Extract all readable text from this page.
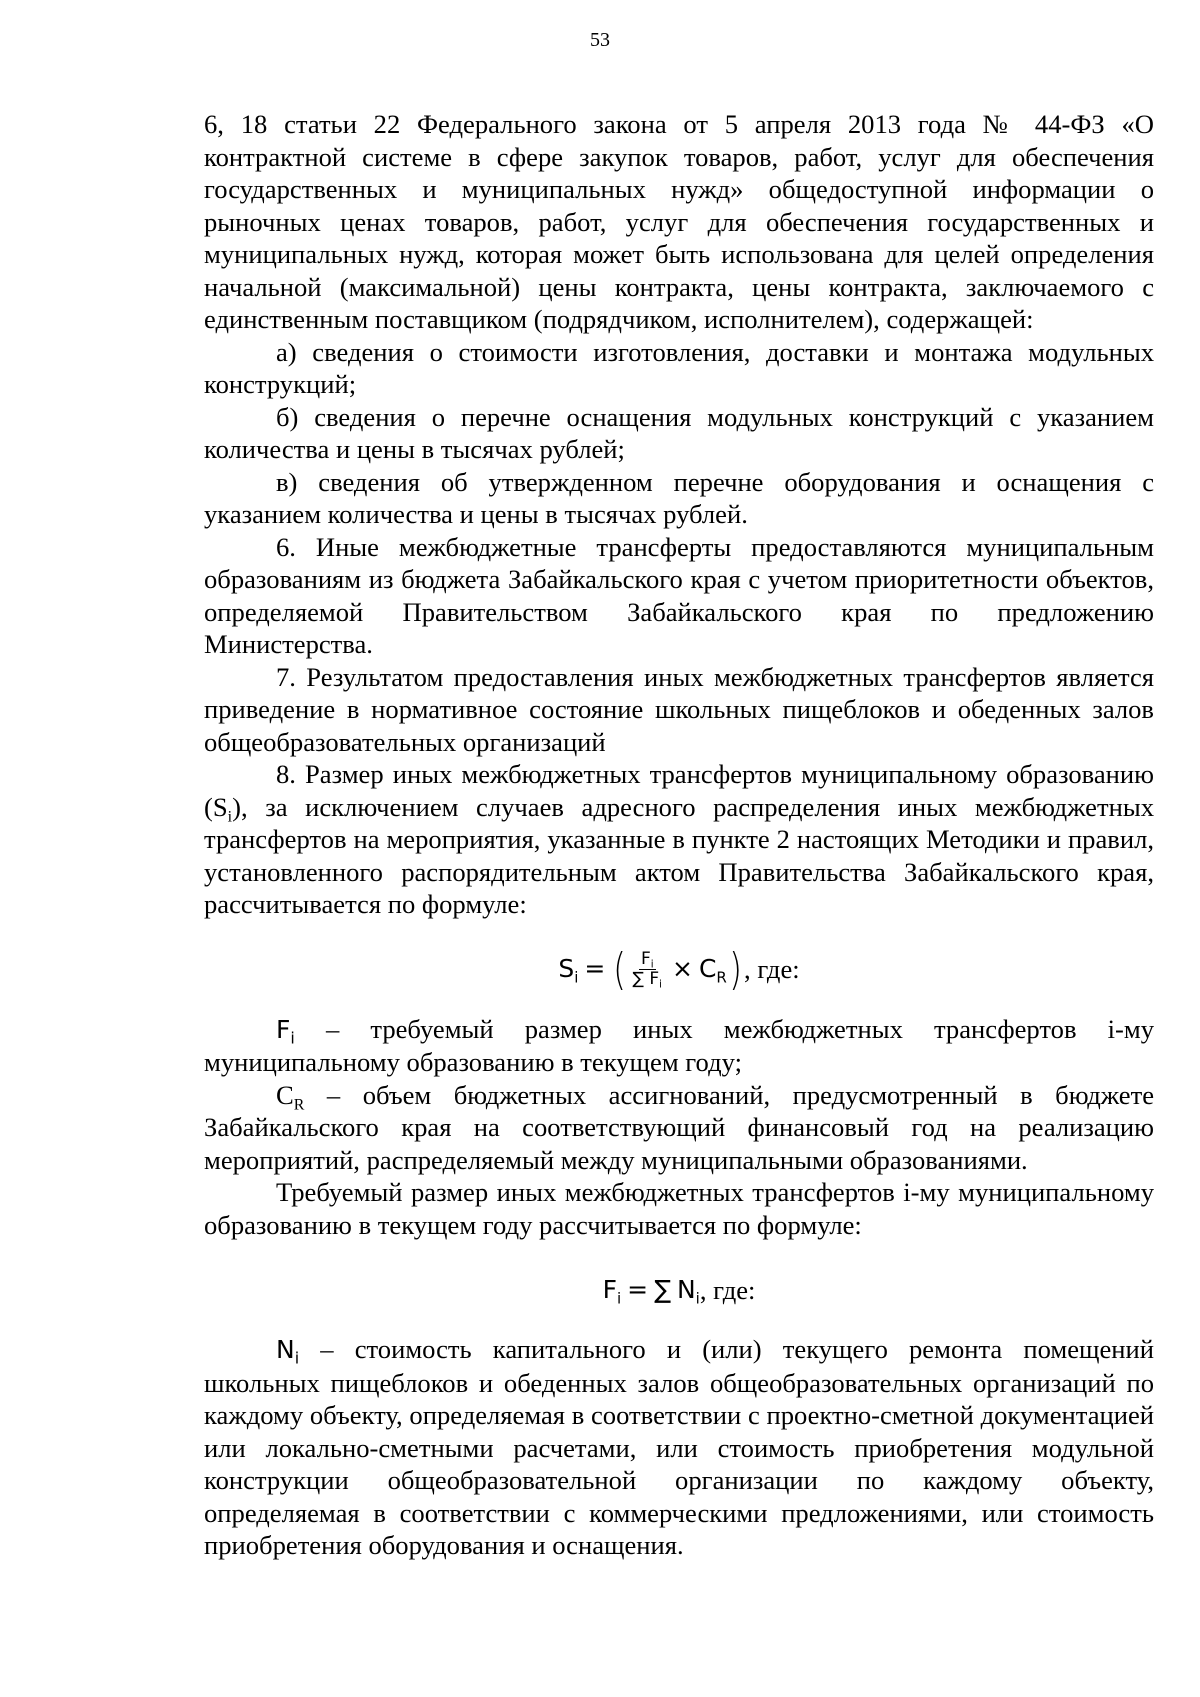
53

6, 18 статьи 22 Федерального закона от 5 апреля 2013 года № 44-ФЗ «О контрактной системе в сфере закупок товаров, работ, услуг для обеспечения государственных и муниципальных нужд» общедоступной информации о рыночных ценах товаров, работ, услуг для обеспечения государственных и муниципальных нужд, которая может быть использована для целей определения начальной (максимальной) цены контракта, цены контракта, заключаемого с единственным поставщиком (подрядчиком, исполнителем), содержащей:

а) сведения о стоимости изготовления, доставки и монтажа модульных конструкций;

б) сведения о перечне оснащения модульных конструкций с указанием количества и цены в тысячах рублей;

в) сведения об утвержденном перечне оборудования и оснащения с указанием количества и цены в тысячах рублей.

6. Иные межбюджетные трансферты предоставляются муниципальным образованиям из бюджета Забайкальского края с учетом приоритетности объектов, определяемой Правительством Забайкальского края по предложению Министерства.

7. Результатом предоставления иных межбюджетных трансфертов является приведение в нормативное состояние школьных пищеблоков и обеденных залов общеобразовательных организаций

8. Размер иных межбюджетных трансфертов муниципальному образованию $(S_i)$, за исключением случаев адресного распределения иных межбюджетных трансфертов на мероприятия, указанные в пункте 2 настоящих Методики и правил, установленного распорядительным актом Правительства Забайкальского края, рассчитывается по формуле:

$S_i$ = ( $\frac{F_i}{\sum F_i} \times C_R$ ) , где:

$F_i$ – требуемый размер иных межбюджетных трансфертов i-му муниципальному образованию в текущем году;

$C_R$ – объем бюджетных ассигнований, предусмотренный в бюджете Забайкальского края на соответствующий финансовый год на реализацию мероприятий, распределяемый между муниципальными образованиями.

Требуемый размер иных межбюджетных трансфертов i-му муниципальному образованию в текущем году рассчитывается по формуле:

$F_i$ = ∑ $N_i$ , где:

$N_i$ – стоимость капитального и (или) текущего ремонта помещений школьных пищеблоков и обеденных залов общеобразовательных организаций по каждому объекту, определяемая в соответствии с проектно-сметной документацией или локально-сметными расчетами, или стоимость приобретения модульной конструкции общеобразовательной организации по каждому объекту, определяемая в соответствии с коммерческими предложениями, или стоимость приобретения оборудования и оснащения.
